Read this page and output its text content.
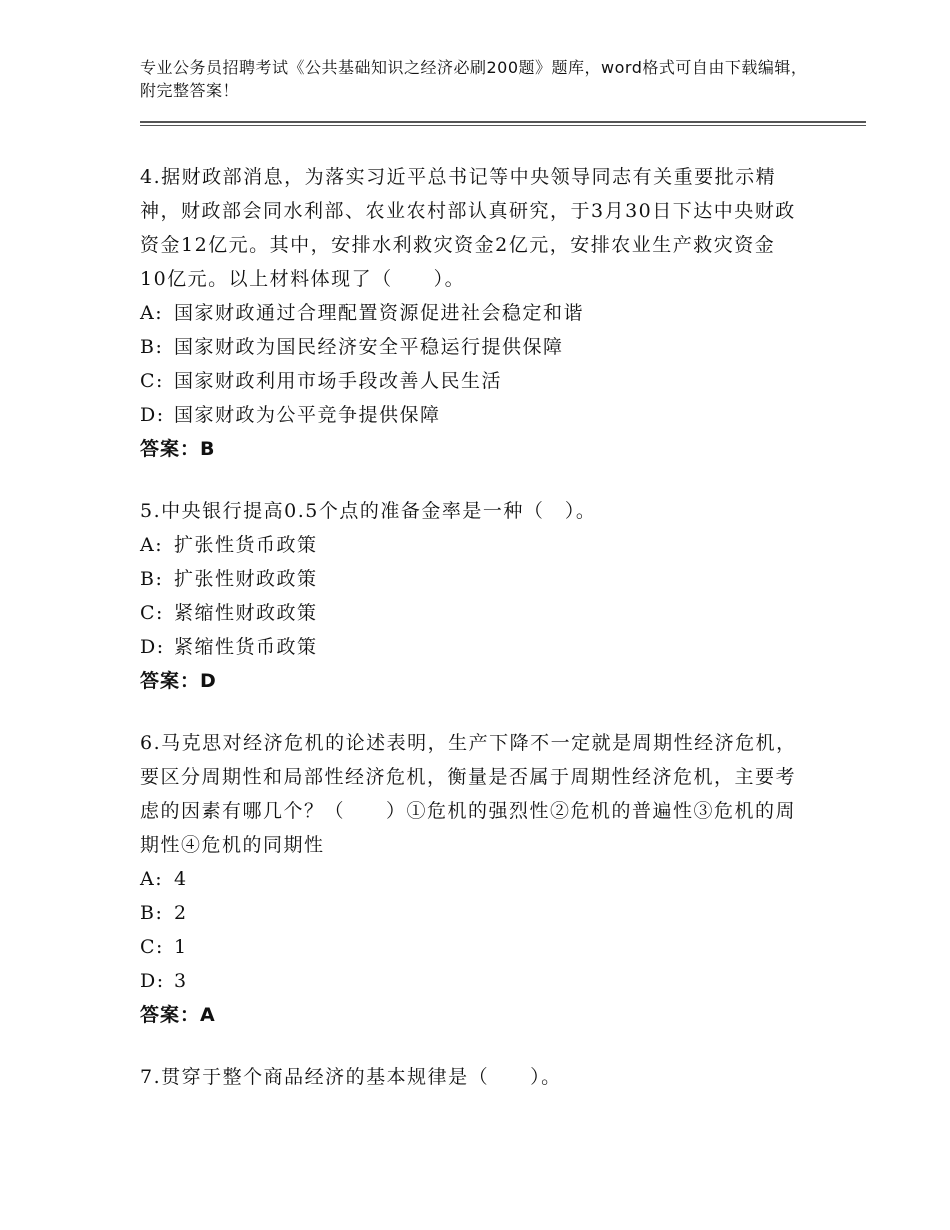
专业公务员招聘考试《公共基础知识之经济必刷200题》题库，word格式可自由下载编辑，附完整答案！
4.据财政部消息，为落实习近平总书记等中央领导同志有关重要批示精神，财政部会同水利部、农业农村部认真研究，于3月30日下达中央财政资金12亿元。其中，安排水利救灾资金2亿元，安排农业生产救灾资金10亿元。以上材料体现了（　　）。
A: 国家财政通过合理配置资源促进社会稳定和谐
B: 国家财政为国民经济安全平稳运行提供保障
C: 国家财政利用市场手段改善人民生活
D: 国家财政为公平竞争提供保障
答案：B
5.中央银行提高0.5个点的准备金率是一种（　）。
A: 扩张性货币政策
B: 扩张性财政政策
C: 紧缩性财政政策
D: 紧缩性货币政策
答案：D
6.马克思对经济危机的论述表明，生产下降不一定就是周期性经济危机，要区分周期性和局部性经济危机，衡量是否属于周期性经济危机，主要考虑的因素有哪几个？（　　）①危机的强烈性②危机的普遍性③危机的周期性④危机的同期性
A: 4
B: 2
C: 1
D: 3
答案：A
7.贯穿于整个商品经济的基本规律是（　　）。
